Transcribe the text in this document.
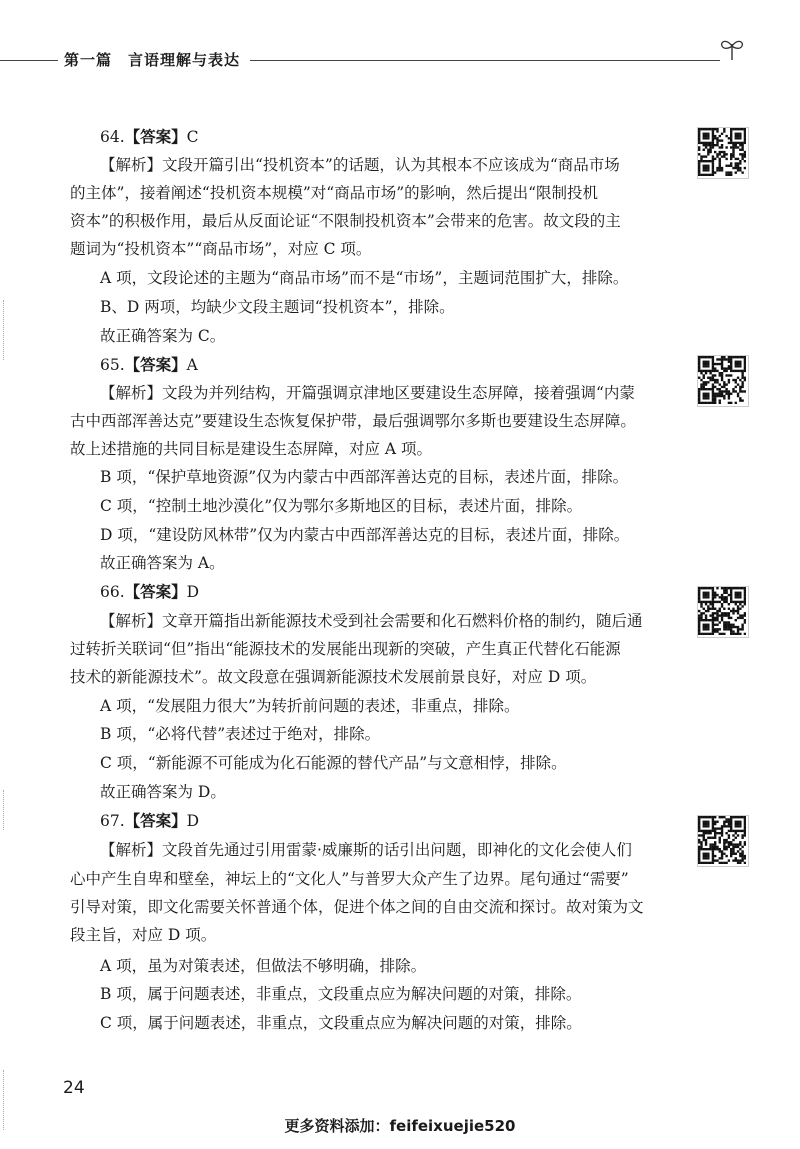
第一篇 言语理解与表达
64.【答案】C
【解析】文段开篇引出“投机资本”的话题，认为其根本不应该成为“商品市场
的主体”，接着阐述“投机资本规模”对“商品市场”的影响，然后提出“限制投机
资本”的积极作用，最后从反面论证“不限制投机资本”会带来的危害。故文段的主
题词为“投机资本”“商品市场”，对应 C 项。
A 项，文段论述的主题为“商品市场”而不是“市场”，主题词范围扩大，排除。
B、D 两项，均缺少文段主题词“投机资本”，排除。
故正确答案为 C。
65.【答案】A
【解析】文段为并列结构，开篇强调京津地区要建设生态屏障，接着强调“内蒙
古中西部浑善达克”要建设生态恢复保护带，最后强调鄂尔多斯也要建设生态屏障。
故上述措施的共同目标是建设生态屏障，对应 A 项。
B 项，“保护草地资源”仅为内蒙古中西部浑善达克的目标，表述片面，排除。
C 项，“控制土地沙漠化”仅为鄂尔多斯地区的目标，表述片面，排除。
D 项，“建设防风林带”仅为内蒙古中西部浑善达克的目标，表述片面，排除。
故正确答案为 A。
66.【答案】D
【解析】文章开篇指出新能源技术受到社会需要和化石燃料价格的制约，随后通
过转折关联词“但”指出“能源技术的发展能出现新的突破，产生真正代替化石能源
技术的新能源技术”。故文段意在强调新能源技术发展前景良好，对应 D 项。
A 项，“发展阻力很大”为转折前问题的表述，非重点，排除。
B 项，“必将代替”表述过于绝对，排除。
C 项，“新能源不可能成为化石能源的替代产品”与文意相悖，排除。
故正确答案为 D。
67.【答案】D
【解析】文段首先通过引用雷蒙·威廉斯的话引出问题，即神化的文化会使人们
心中产生自卑和壁垒，神坛上的“文化人”与普罗大众产生了边界。尾句通过“需要”
引导对策，即文化需要关怀普通个体，促进个体之间的自由交流和探讨。故对策为文
段主旨，对应 D 项。
A 项，虽为对策表述，但做法不够明确，排除。
B 项，属于问题表述，非重点，文段重点应为解决问题的对策，排除。
C 项，属于问题表述，非重点，文段重点应为解决问题的对策，排除。
24
更多资料添加：feifeixuejie520
